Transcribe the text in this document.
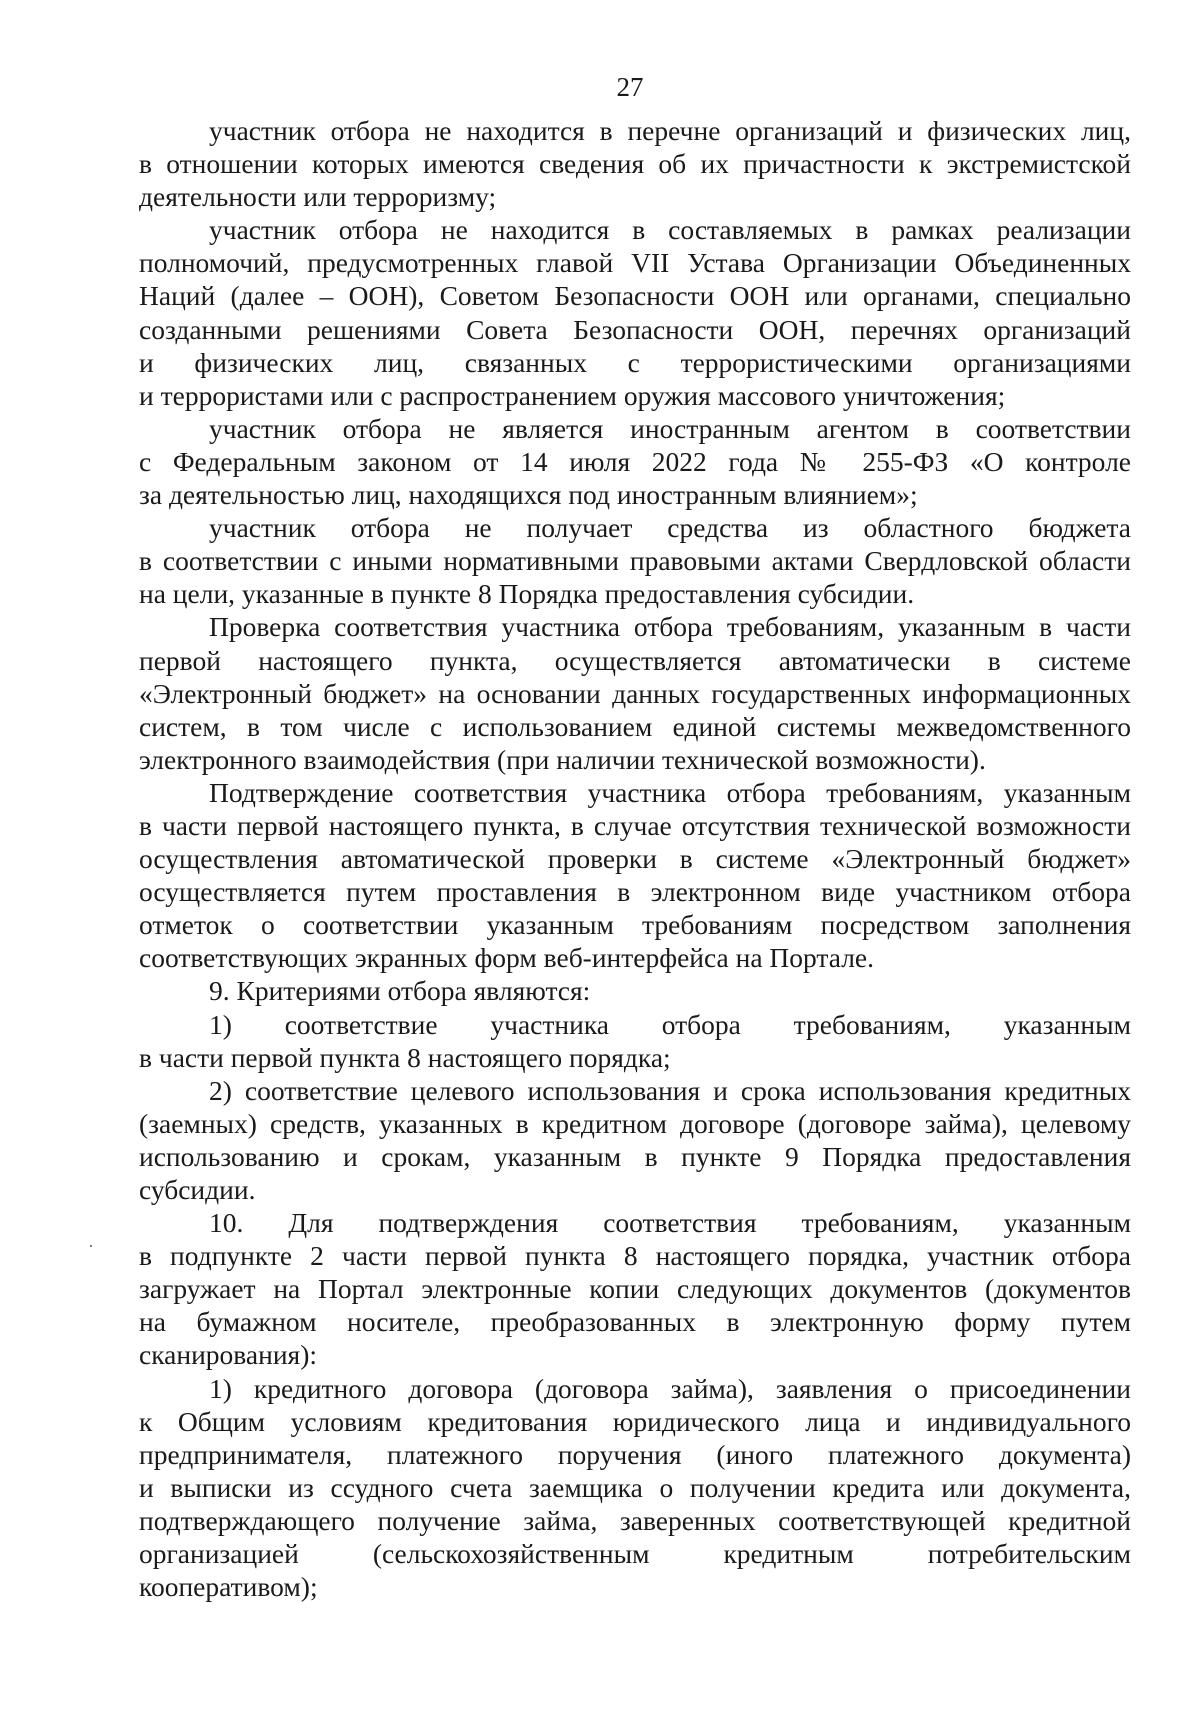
27

участник отбора не находится в перечне организаций и физических лиц,
в отношении которых имеются сведения об их причастности к экстремистской
деятельности или терроризму;

участник отбора не находится в составляемых в рамках реализации
полномочий, предусмотренных главой VII Устава Организации Объединенных
Наций (далее – ООН), Советом Безопасности ООН или органами, специально
созданными решениями Совета Безопасности ООН, перечнях организаций
и физических лиц, связанных с террористическими организациями
и террористами или с распространением оружия массового уничтожения;

участник отбора не является иностранным агентом в соответствии
с Федеральным законом от 14 июля 2022 года № 255-ФЗ «О контроле
за деятельностью лиц, находящихся под иностранным влиянием»;

участник отбора не получает средства из областного бюджета
в соответствии с иными нормативными правовыми актами Свердловской области
на цели, указанные в пункте 8 Порядка предоставления субсидии.

Проверка соответствия участника отбора требованиям, указанным в части
первой настоящего пункта, осуществляется автоматически в системе
«Электронный бюджет» на основании данных государственных информационных
систем, в том числе с использованием единой системы межведомственного
электронного взаимодействия (при наличии технической возможности).

Подтверждение соответствия участника отбора требованиям, указанным
в части первой настоящего пункта, в случае отсутствия технической возможности
осуществления автоматической проверки в системе «Электронный бюджет»
осуществляется путем проставления в электронном виде участником отбора
отметок о соответствии указанным требованиям посредством заполнения
соответствующих экранных форм веб-интерфейса на Портале.

9. Критериями отбора являются:

1) соответствие участника отбора требованиям, указанным
в части первой пункта 8 настоящего порядка;

2) соответствие целевого использования и срока использования кредитных
(заемных) средств, указанных в кредитном договоре (договоре займа), целевому
использованию и срокам, указанным в пункте 9 Порядка предоставления
субсидии.

10. Для подтверждения соответствия требованиям, указанным
в подпункте 2 части первой пункта 8 настоящего порядка, участник отбора
загружает на Портал электронные копии следующих документов (документов
на бумажном носителе, преобразованных в электронную форму путем
сканирования):

1) кредитного договора (договора займа), заявления о присоединении
к Общим условиям кредитования юридического лица и индивидуального
предпринимателя, платежного поручения (иного платежного документа)
и выписки из ссудного счета заемщика о получении кредита или документа,
подтверждающего получение займа, заверенных соответствующей кредитной
организацией (сельскохозяйственным кредитным потребительским
кооперативом);
